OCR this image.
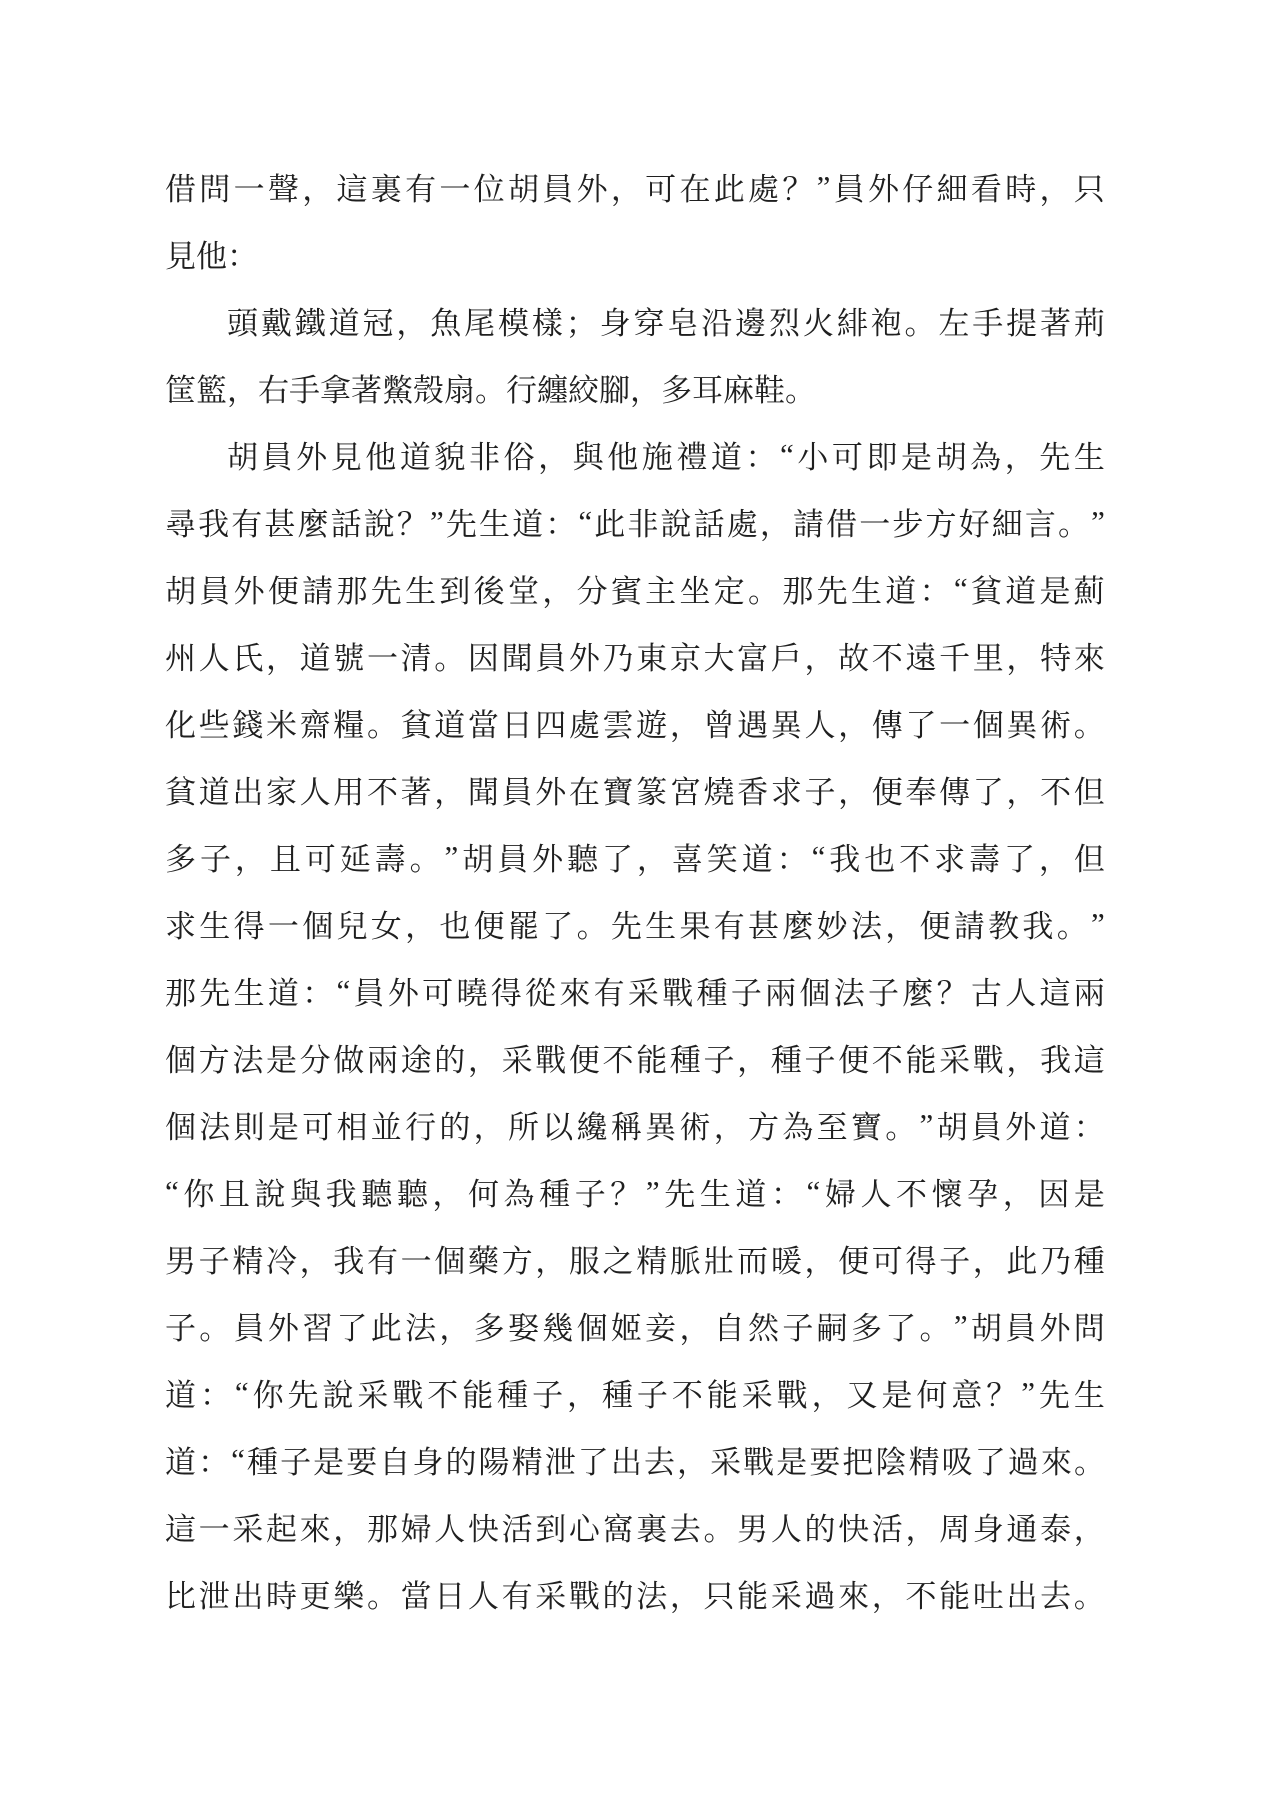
借 問 一 聲 ， 這 裏 有 一 位 胡 員 外 ， 可 在 此 處 ？ ” 員 外 仔 細 看 時 ， 只
見 他 ：
頭 戴 鐵 道 冠 ， 魚 尾 模 樣 ； 身 穿 皂 沿 邊 烈 火 緋 袍 。 左 手 提 著 荊
筐 籃 ， 右 手 拿 著 鱉 殼 扇 。 行 纏 絞 腳 ， 多 耳 麻 鞋 。
胡 員 外 見 他 道 貌 非 俗 ， 與 他 施 禮 道 ： “ 小 可 即 是 胡 為 ， 先 生
尋 我 有 甚 麼 話 說 ？ ” 先 生 道 ： “ 此 非 說 話 處 ， 請 借 一 步 方 好 細 言 。 ”
胡 員 外 便 請 那 先 生 到 後 堂 ， 分 賓 主 坐 定 。 那 先 生 道 ： “ 貧 道 是 薊
州 人 氏 ， 道 號 一 清 。 因 聞 員 外 乃 東 京 大 富 戶 ， 故 不 遠 千 里 ， 特 來
化 些 錢 米 齋 糧 。 貧 道 當 日 四 處 雲 遊 ， 曾 遇 異 人 ， 傳 了 一 個 異 術 。
貧 道 出 家 人 用 不 著 ， 聞 員 外 在 寶 篆 宮 燒 香 求 子 ， 便 奉 傳 了 ， 不 但
多 子 ， 且 可 延 壽 。 ” 胡 員 外 聽 了 ， 喜 笑 道 ： “ 我 也 不 求 壽 了 ， 但
求 生 得 一 個 兒 女 ， 也 便 罷 了 。 先 生 果 有 甚 麼 妙 法 ， 便 請 教 我 。 ”
那 先 生 道 ： “ 員 外 可 曉 得 從 來 有 采 戰 種 子 兩 個 法 子 麼 ？ 古 人 這 兩
個 方 法 是 分 做 兩 途 的 ， 采 戰 便 不 能 種 子 ， 種 子 便 不 能 采 戰 ， 我 這
個 法 則 是 可 相 並 行 的 ， 所 以 纔 稱 異 術 ， 方 為 至 寶 。 ” 胡 員 外 道 ：
“ 你 且 說 與 我 聽 聽 ， 何 為 種 子 ？ ” 先 生 道 ： “ 婦 人 不 懷 孕 ， 因 是
男 子 精 冷 ， 我 有 一 個 藥 方 ， 服 之 精 脈 壯 而 暖 ， 便 可 得 子 ， 此 乃 種
子 。 員 外 習 了 此 法 ， 多 娶 幾 個 姬 妾 ， 自 然 子 嗣 多 了 。 ” 胡 員 外 問
道 ： “ 你 先 說 采 戰 不 能 種 子 ， 種 子 不 能 采 戰 ， 又 是 何 意 ？ ” 先 生
道 ： “ 種 子 是 要 自 身 的 陽 精 泄 了 出 去 ， 采 戰 是 要 把 陰 精 吸 了 過 來 。
這 一 采 起 來 ， 那 婦 人 快 活 到 心 窩 裏 去 。 男 人 的 快 活 ， 周 身 通 泰 ，
比 泄 出 時 更 樂 。 當 日 人 有 采 戰 的 法 ， 只 能 采 過 來 ， 不 能 吐 出 去 。
